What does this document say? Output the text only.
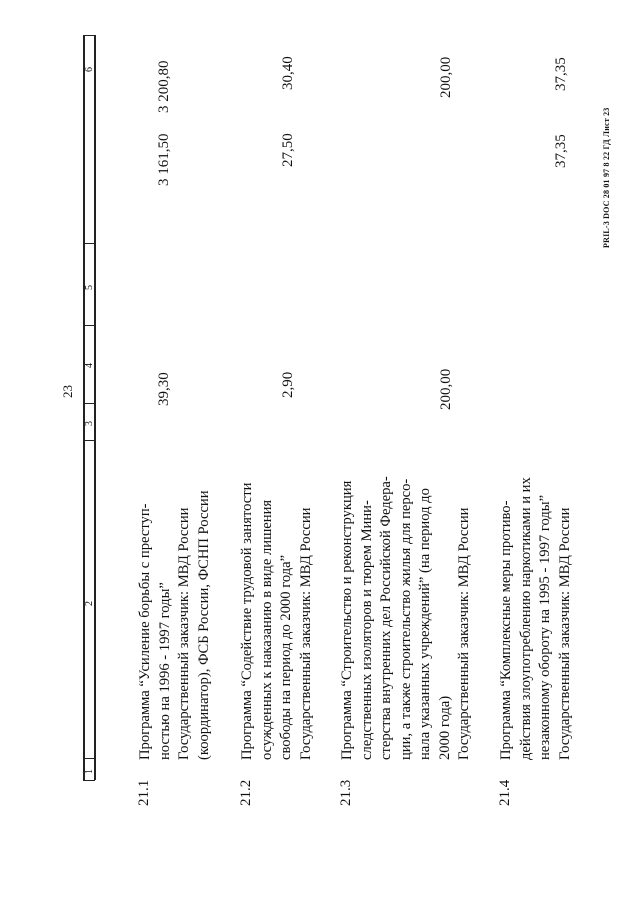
23
1
2
3
4
5
6
21.1
Программа “Усиление борьбы с преступ- ностью на 1996 - 1997 годы” Государственный заказчик: МВД России (координатор), ФСБ России, ФСНП России
39,30
3 161,50
3 200,80
21.2
Программа “Содействие трудовой занятости осужденных к наказанию в виде лишения свободы на период до 2000 года” Государственный заказчик: МВД России
2,90
27,50
30,40
21.3
Программа “Строительство и реконструкция следственных изоляторов и тюрем Мини- стерства внутренних дел Российской Федера- ции, а также строительство жилья для персо- нала указанных учреждений” (на период до 2000 года) Государственный заказчик: МВД России
200,00
200,00
21.4
Программа “Комплексные меры противо- действия злоупотреблению наркотиками и их незаконному обороту на 1995 - 1997 годы” Государственный заказчик: МВД России
37,35
37,35
PRIL-3 DOC 28 01 97 8 22 ГД Лист 23
